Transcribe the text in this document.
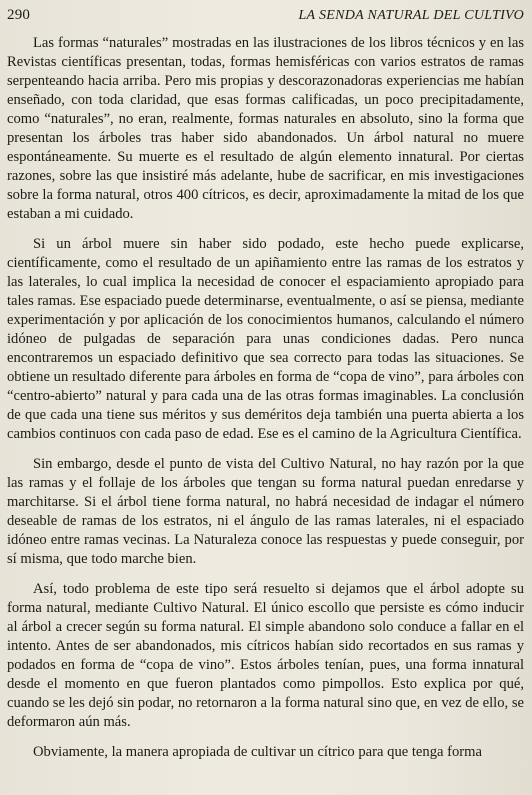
290	LA SENDA NATURAL DEL CULTIVO

Las formas “naturales” mostradas en las ilustraciones de los libros técnicos y en las Revistas científicas presentan, todas, formas hemisféricas con varios estratos de ramas serpenteando hacia arriba. Pero mis propias y descorazonadoras experiencias me habían enseñado, con toda claridad, que esas formas calificadas, un poco precipitadamente, como “naturales”, no eran, realmente, formas naturales en absoluto, sino la forma que presentan los árboles tras haber sido abandonados. Un árbol natural no muere espontáneamente. Su muerte es el resultado de algún elemento innatural. Por ciertas razones, sobre las que insistiré más adelante, hube de sacrificar, en mis investigaciones sobre la forma natural, otros 400 cítricos, es decir, aproximadamente la mitad de los que estaban a mi cuidado.

Si un árbol muere sin haber sido podado, este hecho puede explicarse, científicamente, como el resultado de un apiñamiento entre las ramas de los estratos y las laterales, lo cual implica la necesidad de conocer el espaciamiento apropiado para tales ramas. Ese espaciado puede determinarse, eventualmente, o así se piensa, mediante experimentación y por aplicación de los conocimientos humanos, calculando el número idóneo de pulgadas de separación para unas condiciones dadas. Pero nunca encontraremos un espaciado definitivo que sea correcto para todas las situaciones. Se obtiene un resultado diferente para árboles en forma de “copa de vino”, para árboles con “centro-abierto” natural y para cada una de las otras formas imaginables. La conclusión de que cada una tiene sus méritos y sus deméritos deja también una puerta abierta a los cambios continuos con cada paso de edad. Ese es el camino de la Agricultura Científica.

Sin embargo, desde el punto de vista del Cultivo Natural, no hay razón por la que las ramas y el follaje de los árboles que tengan su forma natural puedan enredarse y marchitarse. Si el árbol tiene forma natural, no habrá necesidad de indagar el número deseable de ramas de los estratos, ni el ángulo de las ramas laterales, ni el espaciado idóneo entre ramas vecinas. La Naturaleza conoce las respuestas y puede conseguir, por sí misma, que todo marche bien.

Así, todo problema de este tipo será resuelto si dejamos que el árbol adopte su forma natural, mediante Cultivo Natural. El único escollo que persiste es cómo inducir al árbol a crecer según su forma natural. El simple abandono solo conduce a fallar en el intento. Antes de ser abandonados, mis cítricos habían sido recortados en sus ramas y podados en forma de “copa de vino”. Estos árboles tenían, pues, una forma innatural desde el momento en que fueron plantados como pimpollos. Esto explica por qué, cuando se les dejó sin podar, no retornaron a la forma natural sino que, en vez de ello, se deformaron aún más.

Obviamente, la manera apropiada de cultivar un cítrico para que tenga forma
